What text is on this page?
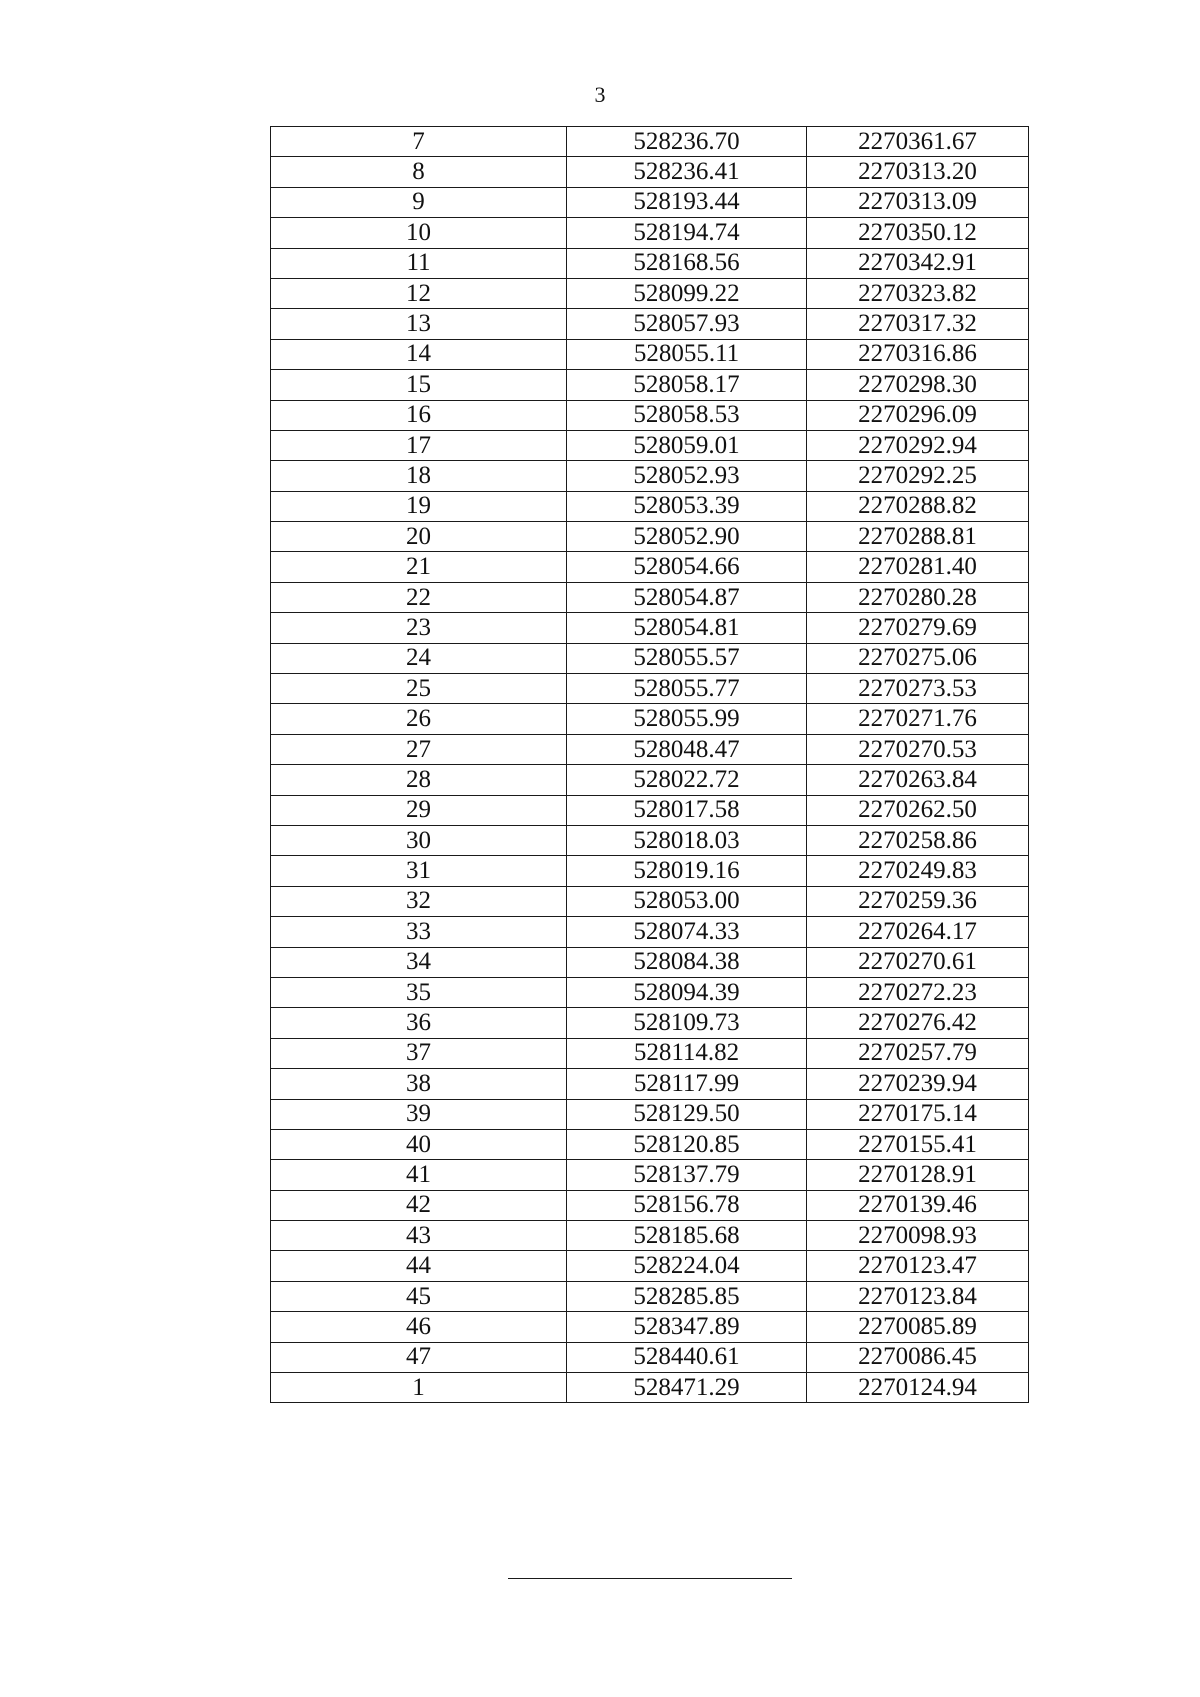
3
7	528236.70	2270361.67
8	528236.41	2270313.20
9	528193.44	2270313.09
10	528194.74	2270350.12
11	528168.56	2270342.91
12	528099.22	2270323.82
13	528057.93	2270317.32
14	528055.11	2270316.86
15	528058.17	2270298.30
16	528058.53	2270296.09
17	528059.01	2270292.94
18	528052.93	2270292.25
19	528053.39	2270288.82
20	528052.90	2270288.81
21	528054.66	2270281.40
22	528054.87	2270280.28
23	528054.81	2270279.69
24	528055.57	2270275.06
25	528055.77	2270273.53
26	528055.99	2270271.76
27	528048.47	2270270.53
28	528022.72	2270263.84
29	528017.58	2270262.50
30	528018.03	2270258.86
31	528019.16	2270249.83
32	528053.00	2270259.36
33	528074.33	2270264.17
34	528084.38	2270270.61
35	528094.39	2270272.23
36	528109.73	2270276.42
37	528114.82	2270257.79
38	528117.99	2270239.94
39	528129.50	2270175.14
40	528120.85	2270155.41
41	528137.79	2270128.91
42	528156.78	2270139.46
43	528185.68	2270098.93
44	528224.04	2270123.47
45	528285.85	2270123.84
46	528347.89	2270085.89
47	528440.61	2270086.45
1	528471.29	2270124.94
